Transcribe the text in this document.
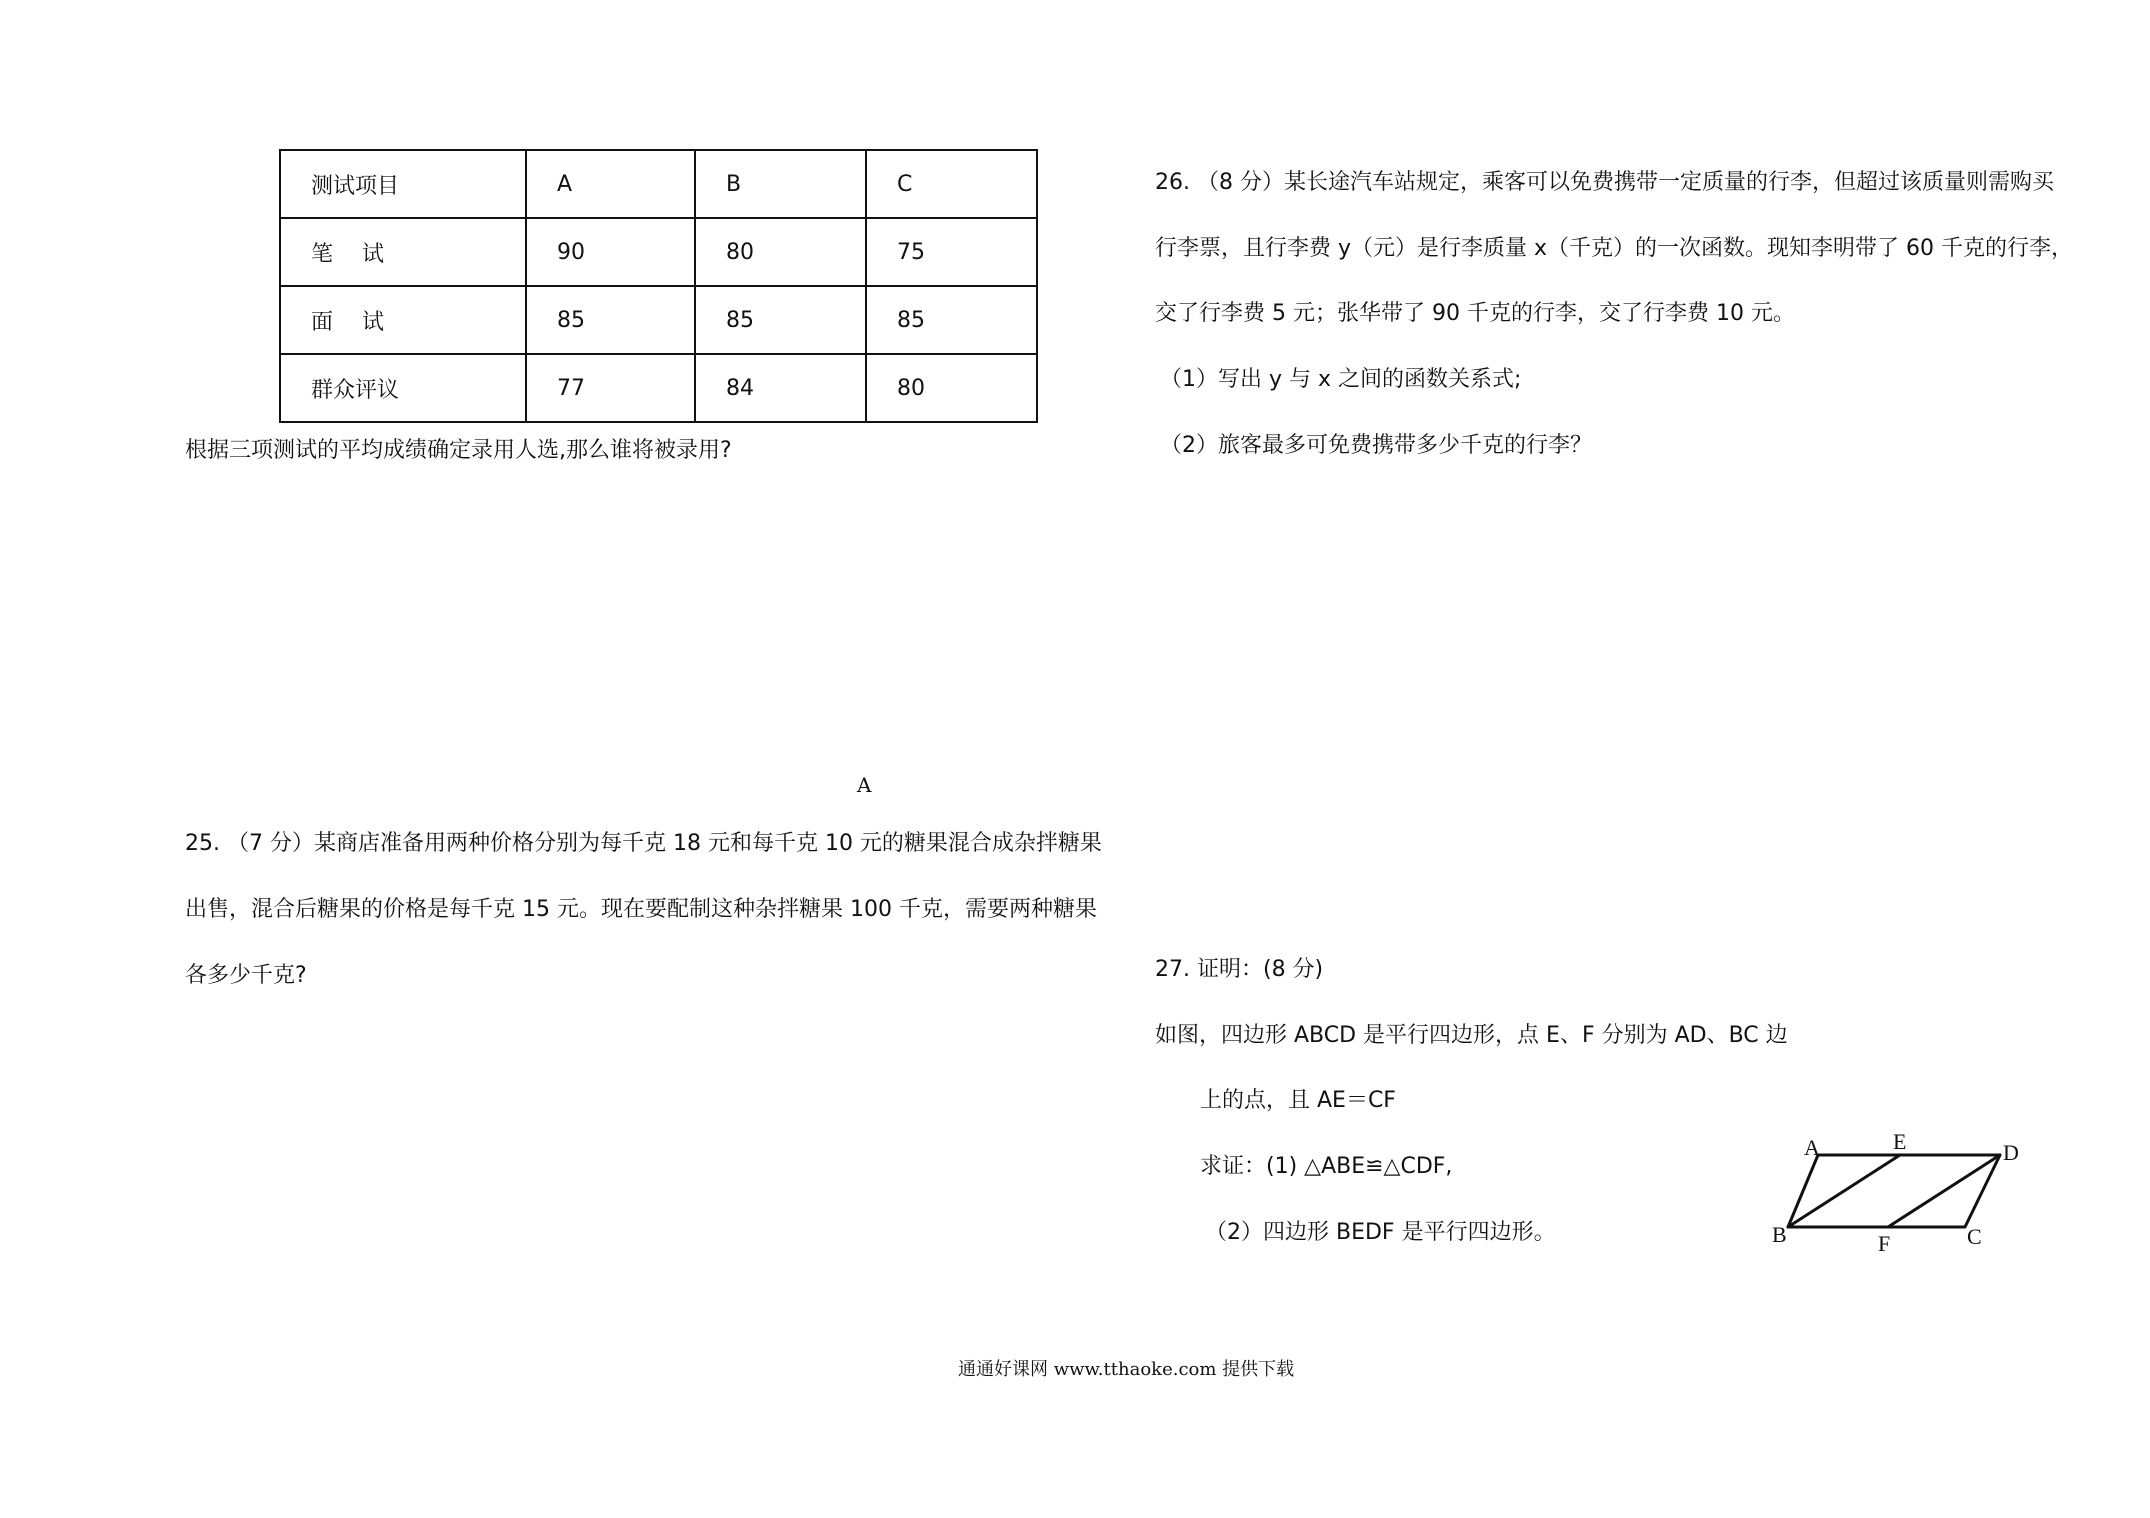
测试项目	A	B	C
笔　 试	90	80	75
面　 试	85	85	85
群众评议	77	84	80
根据三项测试的平均成绩确定录用人选,那么谁将被录用?
A
25. （7 分）某商店准备用两种价格分别为每千克 18 元和每千克 10 元的糖果混合成杂拌糖果
出售，混合后糖果的价格是每千克 15 元。现在要配制这种杂拌糖果 100 千克，需要两种糖果
各多少千克?
26. （8 分）某长途汽车站规定，乘客可以免费携带一定质量的行李，但超过该质量则需购买
行李票，且行李费 y（元）是行李质量 x（千克）的一次函数。现知李明带了 60 千克的行李，
交了行李费 5 元；张华带了 90 千克的行李，交了行李费 10 元。
（1）写出 y 与 x 之间的函数关系式;
（2）旅客最多可免费携带多少千克的行李？
27. 证明：(8 分)
如图，四边形 ABCD 是平行四边形，点 E、F 分别为 AD、BC 边
上的点，且 AE＝CF
求证：(1) △ABE≌△CDF,
（2）四边形 BEDF 是平行四边形。
A	E	D
B	F	C
通通好课网 www.tthaoke.com 提供下载
